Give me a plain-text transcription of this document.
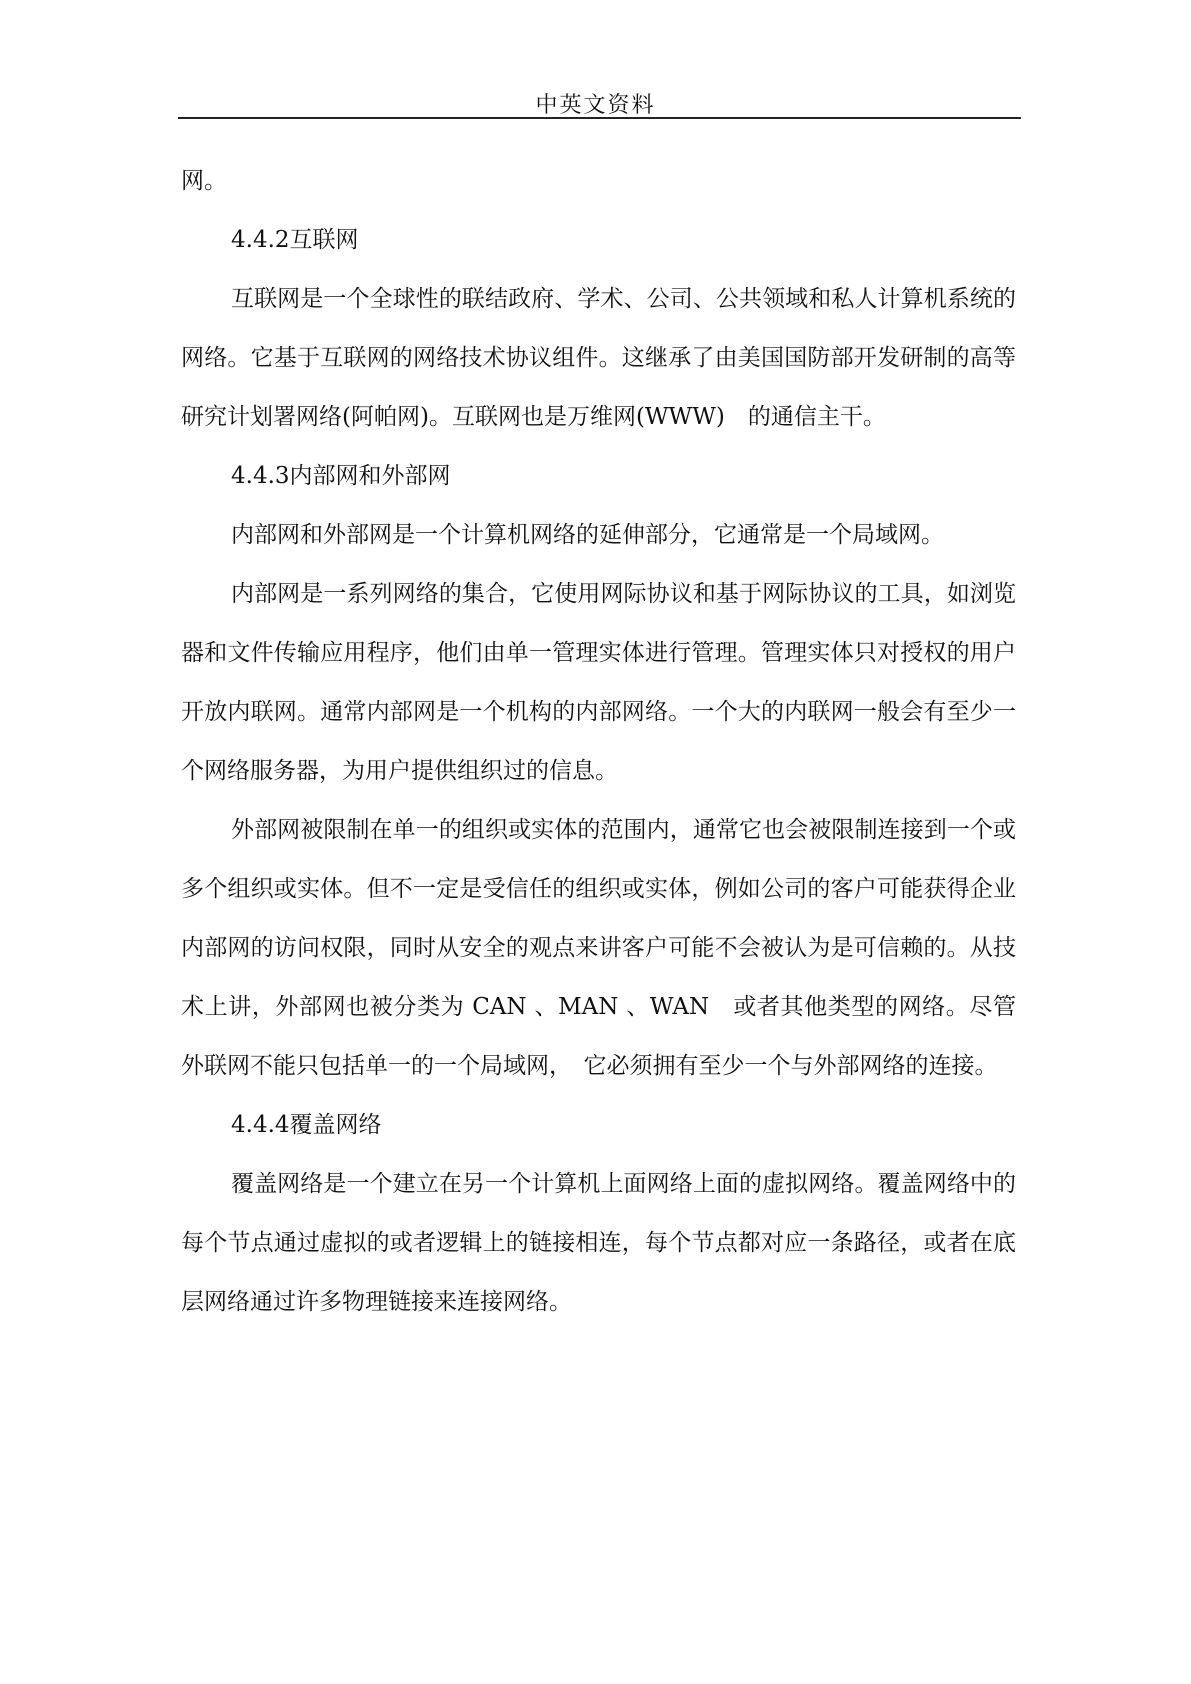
中英文资料	.

网。

4.4.2互联网

互联网是一个全球性的联结政府、学术、公司、公共领域和私人计算机系统的网络。它基于互联网的网络技术协议组件。这继承了由美国国防部开发研制的高等研究计划署网络(阿帕网)。互联网也是万维网(WWW)　的通信主干。

4.4.3内部网和外部网

内部网和外部网是一个计算机网络的延伸部分，它通常是一个局域网。

内部网是一系列网络的集合，它使用网际协议和基于网际协议的工具，如浏览器和文件传输应用程序，他们由单一管理实体进行管理。管理实体只对授权的用户开放内联网。通常内部网是一个机构的内部网络。一个大的内联网一般会有至少一个网络服务器，为用户提供组织过的信息。

外部网被限制在单一的组织或实体的范围内，通常它也会被限制连接到一个或多个组织或实体。但不一定是受信任的组织或实体，例如公司的客户可能获得企业内部网的访问权限，同时从安全的观点来讲客户可能不会被认为是可信赖的。从技术上讲，外部网也被分类为 CAN 、MAN 、WAN　或者其他类型的网络。尽管外联网不能只包括单一的一个局域网，　它必须拥有至少一个与外部网络的连接。

4.4.4覆盖网络

覆盖网络是一个建立在另一个计算机上面网络上面的虚拟网络。覆盖网络中的每个节点通过虚拟的或者逻辑上的链接相连，每个节点都对应一条路径，或者在底层网络通过许多物理链接来连接网络。
